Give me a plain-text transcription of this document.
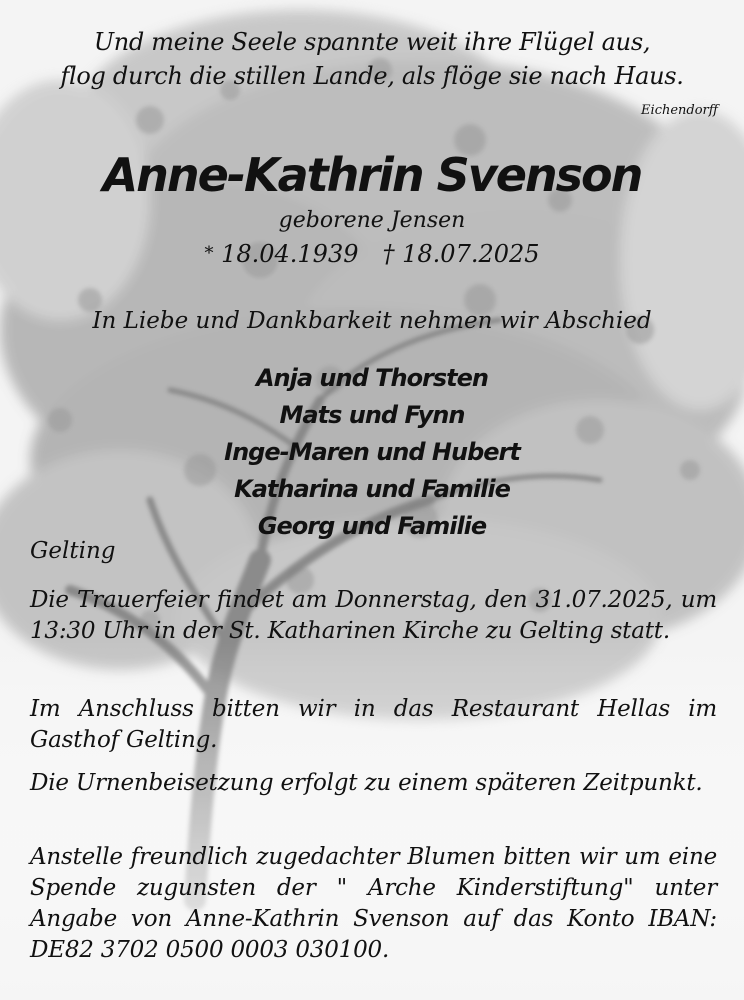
Und meine Seele spannte weit ihre Flügel aus,

flog durch die stillen Lande, als flöge sie nach Haus.

Eichendorff

Anne-Kathrin Svenson

geborene Jensen

* 18.04.1939 † 18.07.2025

In Liebe und Dankbarkeit nehmen wir Abschied

Anja und Thorsten
Mats und Fynn
Inge-Maren und Hubert
Katharina und Familie
Georg und Familie

Gelting

Die Trauerfeier findet am Donnerstag, den 31.07.2025, um 13:30 Uhr in der St. Katharinen Kirche zu Gelting statt.

Im Anschluss bitten wir in das Restaurant Hellas im Gasthof Gelting.

Die Urnenbeisetzung erfolgt zu einem späteren Zeitpunkt.

Anstelle freundlich zugedachter Blumen bitten wir um eine Spende zugunsten der " Arche Kinderstiftung" unter Angabe von Anne-Kathrin Svenson auf das Konto IBAN: DE82 3702 0500 0003 030100.
